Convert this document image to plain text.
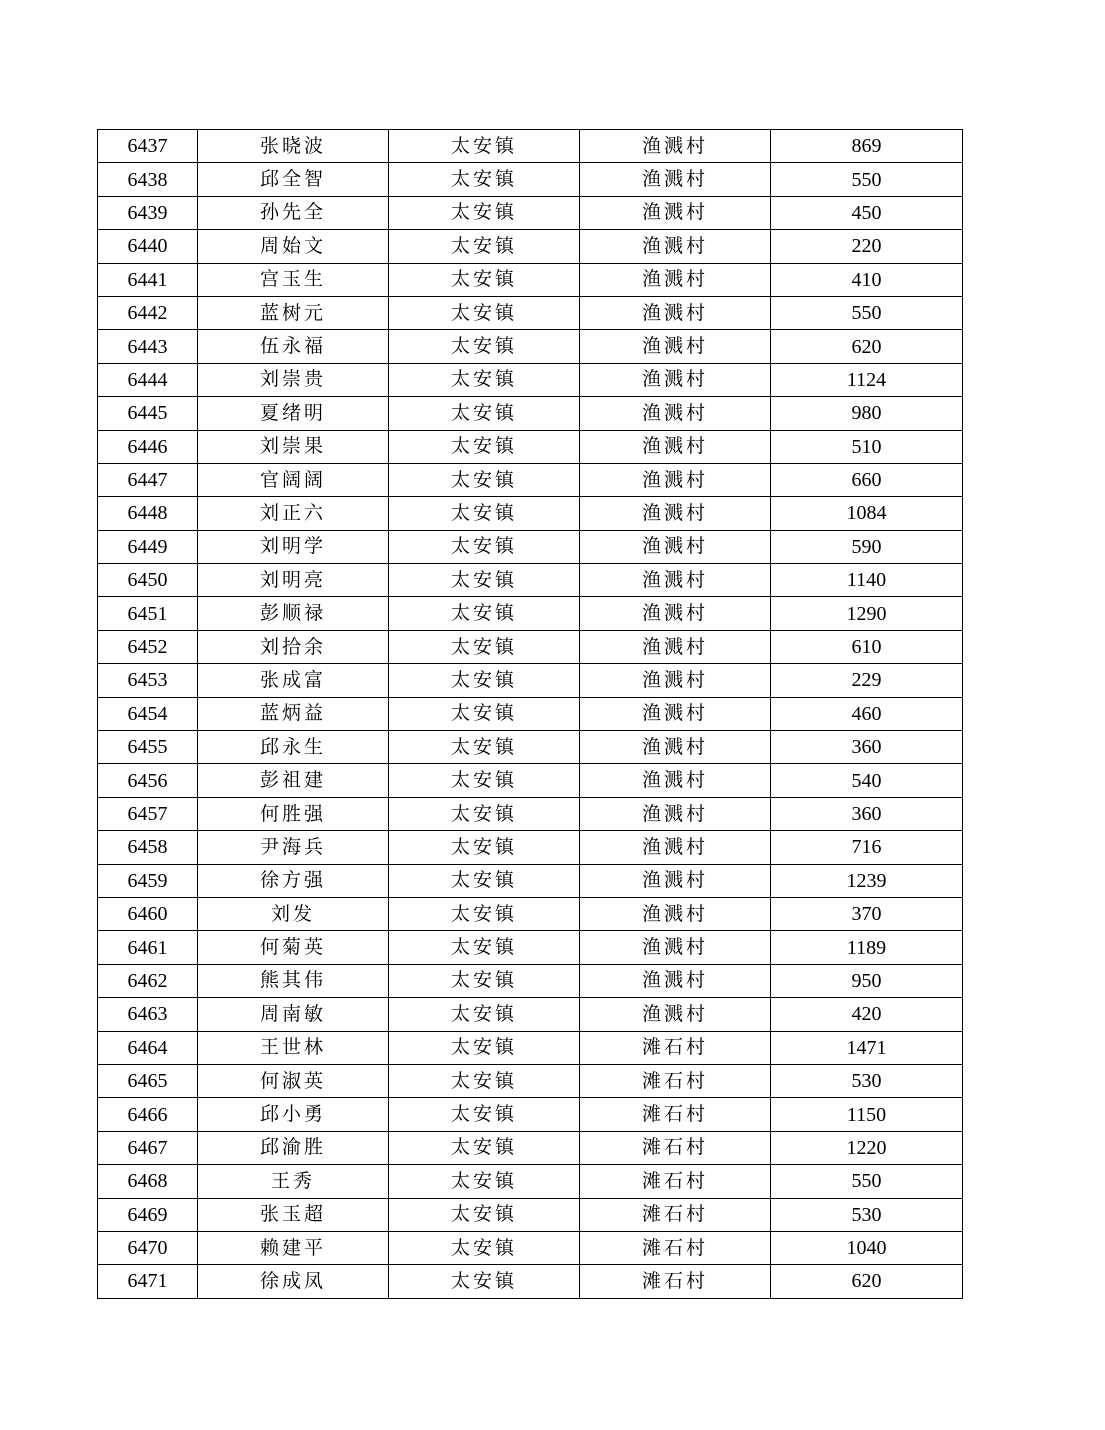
6437	张晓波	太安镇	渔溅村	869
6438	邱全智	太安镇	渔溅村	550
6439	孙先全	太安镇	渔溅村	450
6440	周始文	太安镇	渔溅村	220
6441	宫玉生	太安镇	渔溅村	410
6442	蓝树元	太安镇	渔溅村	550
6443	伍永福	太安镇	渔溅村	620
6444	刘崇贵	太安镇	渔溅村	1124
6445	夏绪明	太安镇	渔溅村	980
6446	刘崇果	太安镇	渔溅村	510
6447	官阔阔	太安镇	渔溅村	660
6448	刘正六	太安镇	渔溅村	1084
6449	刘明学	太安镇	渔溅村	590
6450	刘明亮	太安镇	渔溅村	1140
6451	彭顺禄	太安镇	渔溅村	1290
6452	刘拾余	太安镇	渔溅村	610
6453	张成富	太安镇	渔溅村	229
6454	蓝炳益	太安镇	渔溅村	460
6455	邱永生	太安镇	渔溅村	360
6456	彭祖建	太安镇	渔溅村	540
6457	何胜强	太安镇	渔溅村	360
6458	尹海兵	太安镇	渔溅村	716
6459	徐方强	太安镇	渔溅村	1239
6460	刘发	太安镇	渔溅村	370
6461	何菊英	太安镇	渔溅村	1189
6462	熊其伟	太安镇	渔溅村	950
6463	周南敏	太安镇	渔溅村	420
6464	王世林	太安镇	滩石村	1471
6465	何淑英	太安镇	滩石村	530
6466	邱小勇	太安镇	滩石村	1150
6467	邱渝胜	太安镇	滩石村	1220
6468	王秀	太安镇	滩石村	550
6469	张玉超	太安镇	滩石村	530
6470	赖建平	太安镇	滩石村	1040
6471	徐成凤	太安镇	滩石村	620
